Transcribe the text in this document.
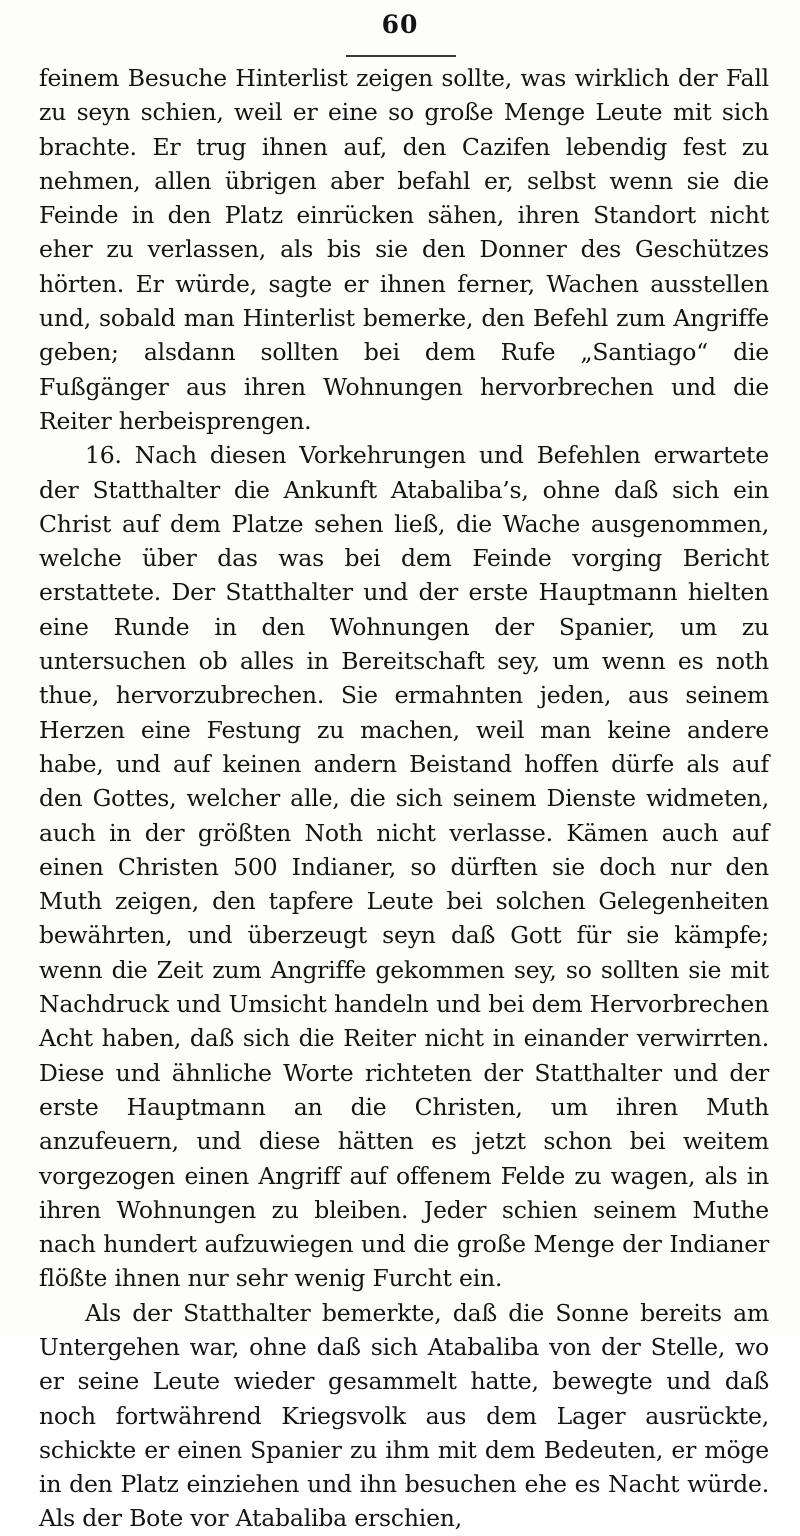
60

feinem Besuche Hinterlist zeigen sollte, was wirklich der Fall zu seyn schien, weil er eine so große Menge Leute mit sich brachte. Er trug ihnen auf, den Cazifen lebendig fest zu nehmen, allen übrigen aber befahl er, selbst wenn sie die Feinde in den Platz einrücken sähen, ihren Standort nicht eher zu verlassen, als bis sie den Donner des Geschützes hörten. Er würde, sagte er ihnen ferner, Wachen ausstellen und, sobald man Hinterlist bemerke, den Befehl zum Angriffe geben; alsdann sollten bei dem Rufe „Santiago“ die Fußgänger aus ihren Wohnungen hervorbrechen und die Reiter herbeisprengen.

16. Nach diesen Vorkehrungen und Befehlen erwartete der Statthalter die Ankunft Atabaliba’s, ohne daß sich ein Christ auf dem Platze sehen ließ, die Wache ausgenommen, welche über das was bei dem Feinde vorging Bericht erstattete. Der Statthalter und der erste Hauptmann hielten eine Runde in den Wohnungen der Spanier, um zu untersuchen ob alles in Bereitschaft sey, um wenn es noth thue, hervorzubrechen. Sie ermahnten jeden, aus seinem Herzen eine Festung zu machen, weil man keine andere habe, und auf keinen andern Beistand hoffen dürfe als auf den Gottes, welcher alle, die sich seinem Dienste widmeten, auch in der größten Noth nicht verlasse. Kämen auch auf einen Christen 500 Indianer, so dürften sie doch nur den Muth zeigen, den tapfere Leute bei solchen Gelegenheiten bewährten, und überzeugt seyn daß Gott für sie kämpfe; wenn die Zeit zum Angriffe gekommen sey, so sollten sie mit Nachdruck und Umsicht handeln und bei dem Hervorbrechen Acht haben, daß sich die Reiter nicht in einander verwirrten. Diese und ähnliche Worte richteten der Statthalter und der erste Hauptmann an die Christen, um ihren Muth anzufeuern, und diese hätten es jetzt schon bei weitem vorgezogen einen Angriff auf offenem Felde zu wagen, als in ihren Wohnungen zu bleiben. Jeder schien seinem Muthe nach hundert aufzuwiegen und die große Menge der Indianer flößte ihnen nur sehr wenig Furcht ein.

Als der Statthalter bemerkte, daß die Sonne bereits am Untergehen war, ohne daß sich Atabaliba von der Stelle, wo er seine Leute wieder gesammelt hatte, bewegte und daß noch fortwährend Kriegsvolk aus dem Lager ausrückte, schickte er einen Spanier zu ihm mit dem Bedeuten, er möge in den Platz einziehen und ihn besuchen ehe es Nacht würde. Als der Bote vor Atabaliba erschien,
